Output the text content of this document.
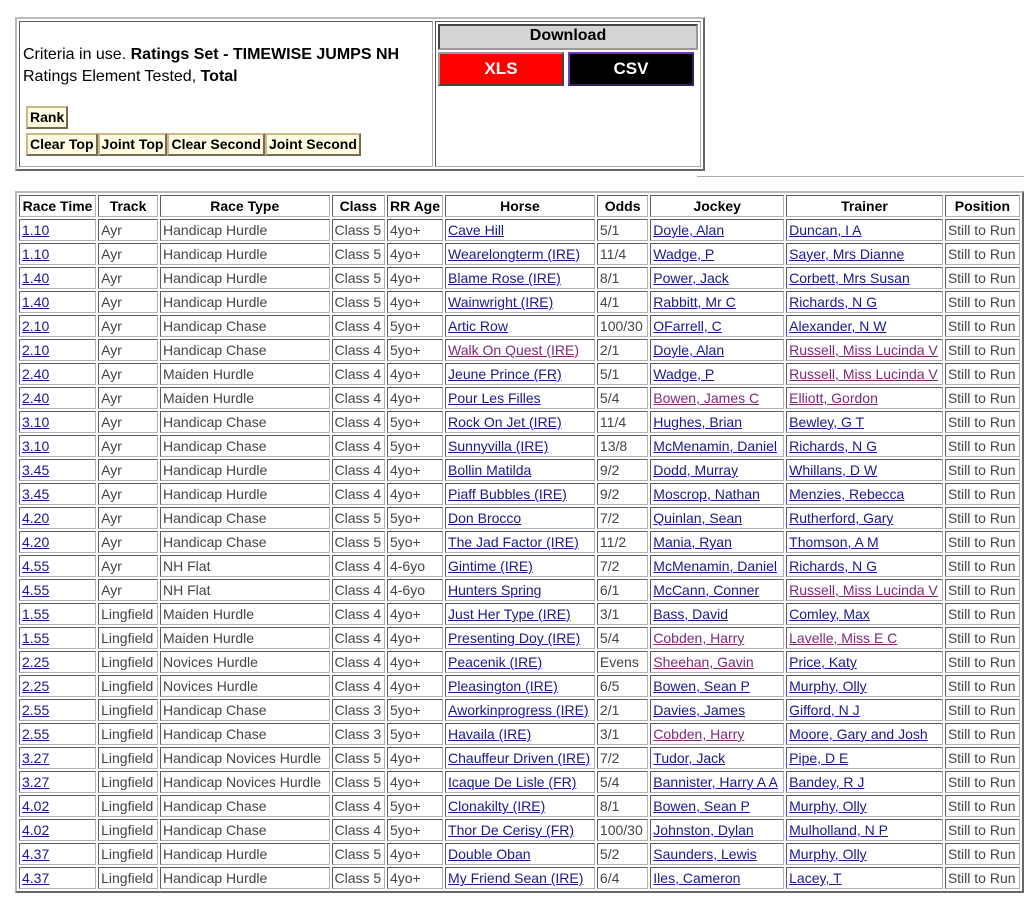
Criteria in use. Ratings Set - TIMEWISE JUMPS NH
Ratings Element Tested, Total
Rank
Clear Top Joint Top Clear Second Joint Second

Download
XLS	CSV
Race Time	Track	Race Type	Class	RR Age	Horse	Odds	Jockey	Trainer	Position
1.10	Ayr	Handicap Hurdle	Class 5	4yo+	Cave Hill	5/1	Doyle, Alan	Duncan, I A	Still to Run
1.10	Ayr	Handicap Hurdle	Class 5	4yo+	Wearelongterm (IRE)	11/4	Wadge, P	Sayer, Mrs Dianne	Still to Run
1.40	Ayr	Handicap Hurdle	Class 5	4yo+	Blame Rose (IRE)	8/1	Power, Jack	Corbett, Mrs Susan	Still to Run
1.40	Ayr	Handicap Hurdle	Class 5	4yo+	Wainwright (IRE)	4/1	Rabbitt, Mr C	Richards, N G	Still to Run
2.10	Ayr	Handicap Chase	Class 4	5yo+	Artic Row	100/30	OFarrell, C	Alexander, N W	Still to Run
2.10	Ayr	Handicap Chase	Class 4	5yo+	Walk On Quest (IRE)	2/1	Doyle, Alan	Russell, Miss Lucinda V	Still to Run
2.40	Ayr	Maiden Hurdle	Class 4	4yo+	Jeune Prince (FR)	5/1	Wadge, P	Russell, Miss Lucinda V	Still to Run
2.40	Ayr	Maiden Hurdle	Class 4	4yo+	Pour Les Filles	5/4	Bowen, James C	Elliott, Gordon	Still to Run
3.10	Ayr	Handicap Chase	Class 4	5yo+	Rock On Jet (IRE)	11/4	Hughes, Brian	Bewley, G T	Still to Run
3.10	Ayr	Handicap Chase	Class 4	5yo+	Sunnyvilla (IRE)	13/8	McMenamin, Daniel	Richards, N G	Still to Run
3.45	Ayr	Handicap Hurdle	Class 4	4yo+	Bollin Matilda	9/2	Dodd, Murray	Whillans, D W	Still to Run
3.45	Ayr	Handicap Hurdle	Class 4	4yo+	Piaff Bubbles (IRE)	9/2	Moscrop, Nathan	Menzies, Rebecca	Still to Run
4.20	Ayr	Handicap Chase	Class 5	5yo+	Don Brocco	7/2	Quinlan, Sean	Rutherford, Gary	Still to Run
4.20	Ayr	Handicap Chase	Class 5	5yo+	The Jad Factor (IRE)	11/2	Mania, Ryan	Thomson, A M	Still to Run
4.55	Ayr	NH Flat	Class 4	4-6yo	Gintime (IRE)	7/2	McMenamin, Daniel	Richards, N G	Still to Run
4.55	Ayr	NH Flat	Class 4	4-6yo	Hunters Spring	6/1	McCann, Conner	Russell, Miss Lucinda V	Still to Run
1.55	Lingfield	Maiden Hurdle	Class 4	4yo+	Just Her Type (IRE)	3/1	Bass, David	Comley, Max	Still to Run
1.55	Lingfield	Maiden Hurdle	Class 4	4yo+	Presenting Doy (IRE)	5/4	Cobden, Harry	Lavelle, Miss E C	Still to Run
2.25	Lingfield	Novices Hurdle	Class 4	4yo+	Peacenik (IRE)	Evens	Sheehan, Gavin	Price, Katy	Still to Run
2.25	Lingfield	Novices Hurdle	Class 4	4yo+	Pleasington (IRE)	6/5	Bowen, Sean P	Murphy, Olly	Still to Run
2.55	Lingfield	Handicap Chase	Class 3	5yo+	Aworkinprogress (IRE)	2/1	Davies, James	Gifford, N J	Still to Run
2.55	Lingfield	Handicap Chase	Class 3	5yo+	Havaila (IRE)	3/1	Cobden, Harry	Moore, Gary and Josh	Still to Run
3.27	Lingfield	Handicap Novices Hurdle	Class 5	4yo+	Chauffeur Driven (IRE)	7/2	Tudor, Jack	Pipe, D E	Still to Run
3.27	Lingfield	Handicap Novices Hurdle	Class 5	4yo+	Icaque De Lisle (FR)	5/4	Bannister, Harry A A	Bandey, R J	Still to Run
4.02	Lingfield	Handicap Chase	Class 4	5yo+	Clonakilty (IRE)	8/1	Bowen, Sean P	Murphy, Olly	Still to Run
4.02	Lingfield	Handicap Chase	Class 4	5yo+	Thor De Cerisy (FR)	100/30	Johnston, Dylan	Mulholland, N P	Still to Run
4.37	Lingfield	Handicap Hurdle	Class 5	4yo+	Double Oban	5/2	Saunders, Lewis	Murphy, Olly	Still to Run
4.37	Lingfield	Handicap Hurdle	Class 5	4yo+	My Friend Sean (IRE)	6/4	Iles, Cameron	Lacey, T	Still to Run
